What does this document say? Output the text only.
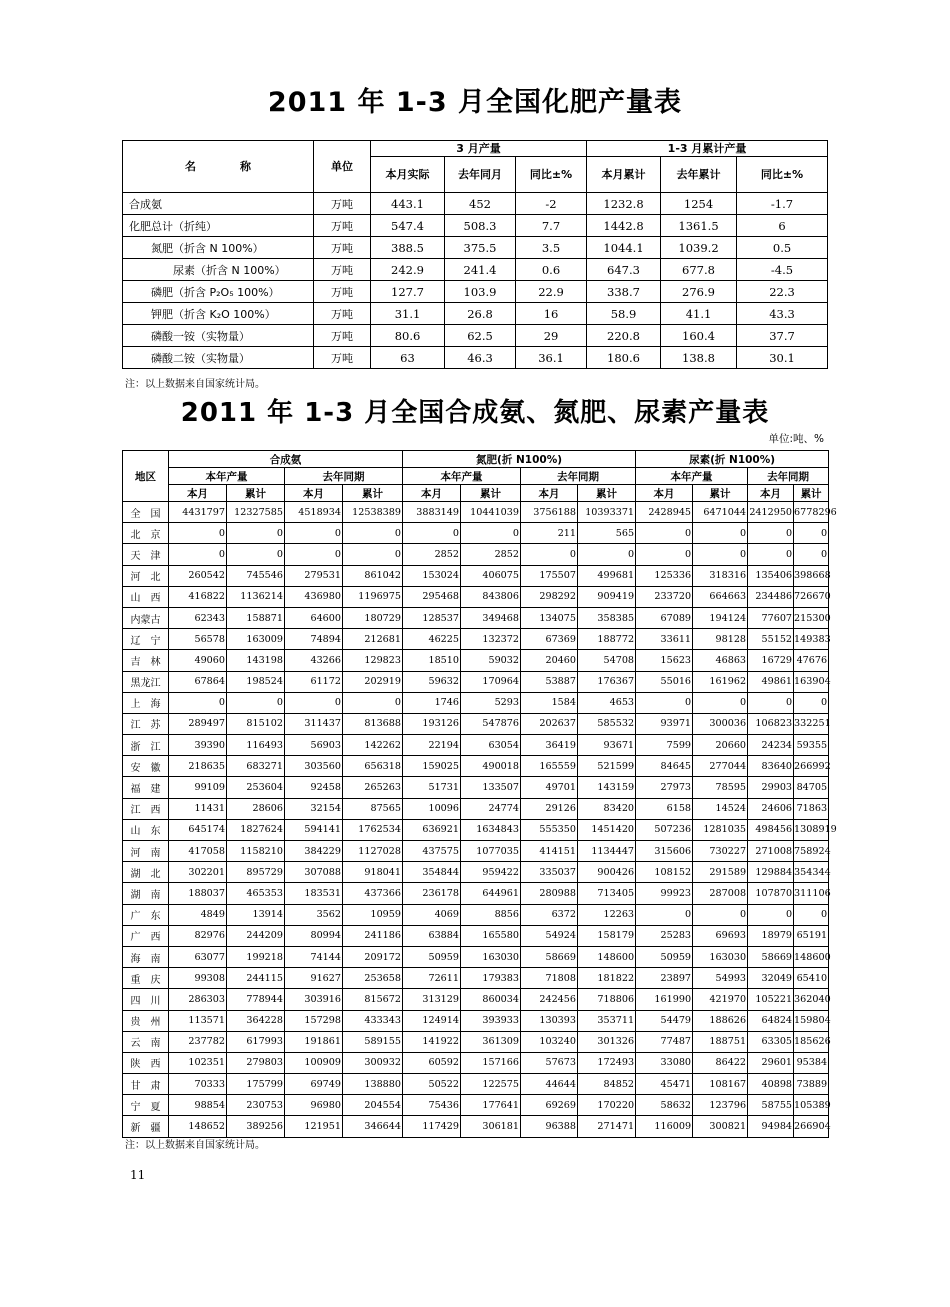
2011 年 1-3 月全国化肥产量表
名　　　　称	单位	3 月产量			1-3 月累计产量		
		本月实际	去年同月	同比±%	本月累计	去年累计	同比±%
合成氨	万吨	443.1	452	-2	1232.8	1254	-1.7
化肥总计（折纯）	万吨	547.4	508.3	7.7	1442.8	1361.5	6
氮肥（折含 N 100%）	万吨	388.5	375.5	3.5	1044.1	1039.2	0.5
尿素（折含 N 100%）	万吨	242.9	241.4	0.6	647.3	677.8	-4.5
磷肥（折含 P₂O₅ 100%）	万吨	127.7	103.9	22.9	338.7	276.9	22.3
钾肥（折含 K₂O 100%）	万吨	31.1	26.8	16	58.9	41.1	43.3
磷酸一铵（实物量）	万吨	80.6	62.5	29	220.8	160.4	37.7
磷酸二铵（实物量）	万吨	63	46.3	36.1	180.6	138.8	30.1
注：以上数据来自国家统计局。
2011 年 1-3 月全国合成氨、氮肥、尿素产量表
单位:吨、%
地区	合成氨				氮肥(折 N100%)				尿素(折 N100%)			
	本年产量		去年同期		本年产量		去年同期		本年产量		去年同期	
	本月	累计	本月	累计	本月	累计	本月	累计	本月	累计	本月	累计
全　国	4431797	12327585	4518934	12538389	3883149	10441039	3756188	10393371	2428945	6471044	2412950	6778296
北　京	0	0	0	0	0	0	211	565	0	0	0	0
天　津	0	0	0	0	2852	2852	0	0	0	0	0	0
河　北	260542	745546	279531	861042	153024	406075	175507	499681	125336	318316	135406	398668
山　西	416822	1136214	436980	1196975	295468	843806	298292	909419	233720	664663	234486	726670
内蒙古	62343	158871	64600	180729	128537	349468	134075	358385	67089	194124	77607	215300
辽　宁	56578	163009	74894	212681	46225	132372	67369	188772	33611	98128	55152	149383
吉　林	49060	143198	43266	129823	18510	59032	20460	54708	15623	46863	16729	47676
黑龙江	67864	198524	61172	202919	59632	170964	53887	176367	55016	161962	49861	163904
上　海	0	0	0	0	1746	5293	1584	4653	0	0	0	0
江　苏	289497	815102	311437	813688	193126	547876	202637	585532	93971	300036	106823	332251
浙　江	39390	116493	56903	142262	22194	63054	36419	93671	7599	20660	24234	59355
安　徽	218635	683271	303560	656318	159025	490018	165559	521599	84645	277044	83640	266992
福　建	99109	253604	92458	265263	51731	133507	49701	143159	27973	78595	29903	84705
江　西	11431	28606	32154	87565	10096	24774	29126	83420	6158	14524	24606	71863
山　东	645174	1827624	594141	1762534	636921	1634843	555350	1451420	507236	1281035	498456	1308919
河　南	417058	1158210	384229	1127028	437575	1077035	414151	1134447	315606	730227	271008	758924
湖　北	302201	895729	307088	918041	354844	959422	335037	900426	108152	291589	129884	354344
湖　南	188037	465353	183531	437366	236178	644961	280988	713405	99923	287008	107870	311106
广　东	4849	13914	3562	10959	4069	8856	6372	12263	0	0	0	0
广　西	82976	244209	80994	241186	63884	165580	54924	158179	25283	69693	18979	65191
海　南	63077	199218	74144	209172	50959	163030	58669	148600	50959	163030	58669	148600
重　庆	99308	244115	91627	253658	72611	179383	71808	181822	23897	54993	32049	65410
四　川	286303	778944	303916	815672	313129	860034	242456	718806	161990	421970	105221	362040
贵　州	113571	364228	157298	433343	124914	393933	130393	353711	54479	188626	64824	159804
云　南	237782	617993	191861	589155	141922	361309	103240	301326	77487	188751	63305	185626
陕　西	102351	279803	100909	300932	60592	157166	57673	172493	33080	86422	29601	95384
甘　肃	70333	175799	69749	138880	50522	122575	44644	84852	45471	108167	40898	73889
宁　夏	98854	230753	96980	204554	75436	177641	69269	170220	58632	123796	58755	105389
新　疆	148652	389256	121951	346644	117429	306181	96388	271471	116009	300821	94984	266904
注：以上数据来自国家统计局。
11
